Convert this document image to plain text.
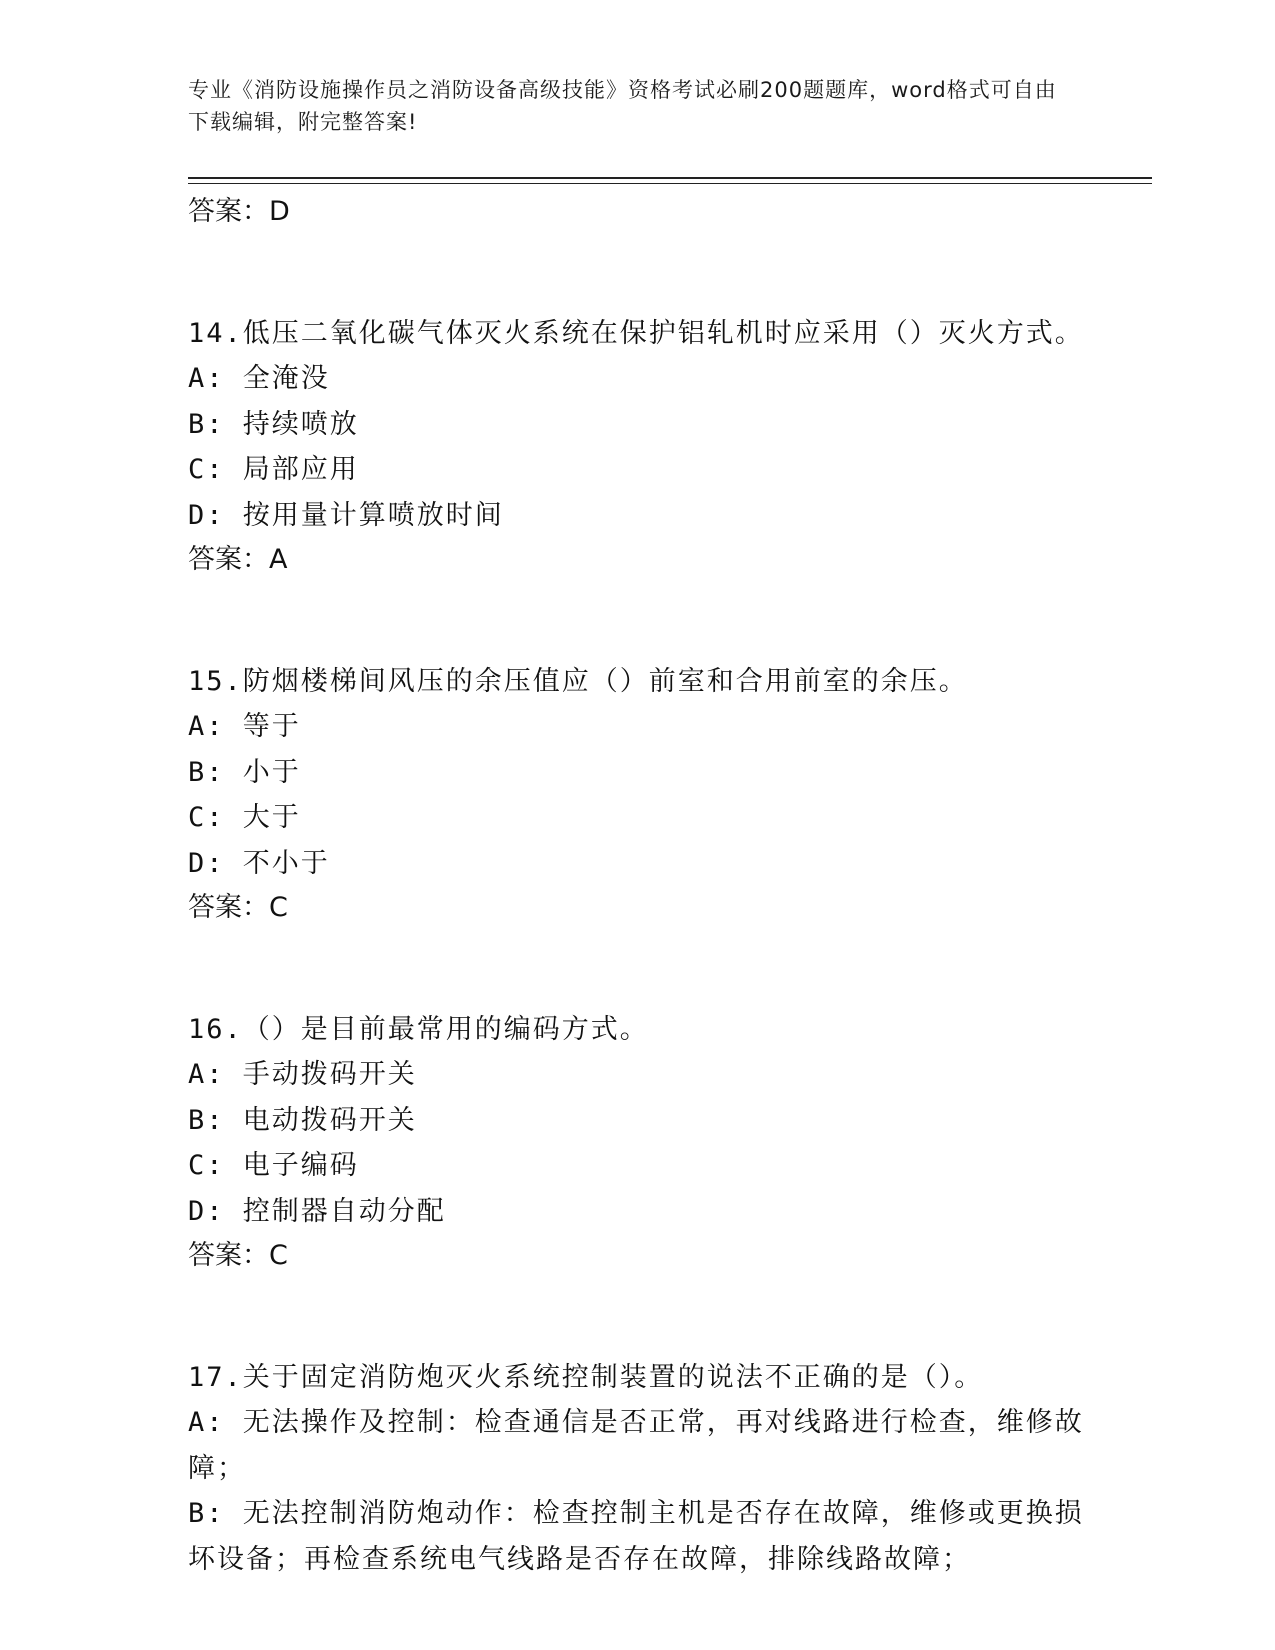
专业《消防设施操作员之消防设备高级技能》资格考试必刷200题题库，word格式可自由下载编辑，附完整答案!

答案：D

14.低压二氧化碳气体灭火系统在保护铝轧机时应采用（）灭火方式。

A: 全淹没

B: 持续喷放

C: 局部应用

D: 按用量计算喷放时间

答案：A

15.防烟楼梯间风压的余压值应（）前室和合用前室的余压。

A: 等于

B: 小于

C: 大于

D: 不小于

答案：C

16.（）是目前最常用的编码方式。

A: 手动拨码开关

B: 电动拨码开关

C: 电子编码

D: 控制器自动分配

答案：C

17.关于固定消防炮灭火系统控制装置的说法不正确的是（）。

A: 无法操作及控制：检查通信是否正常，再对线路进行检查，维修故障；

B: 无法控制消防炮动作：检查控制主机是否存在故障，维修或更换损坏设备；再检查系统电气线路是否存在故障，排除线路故障；
